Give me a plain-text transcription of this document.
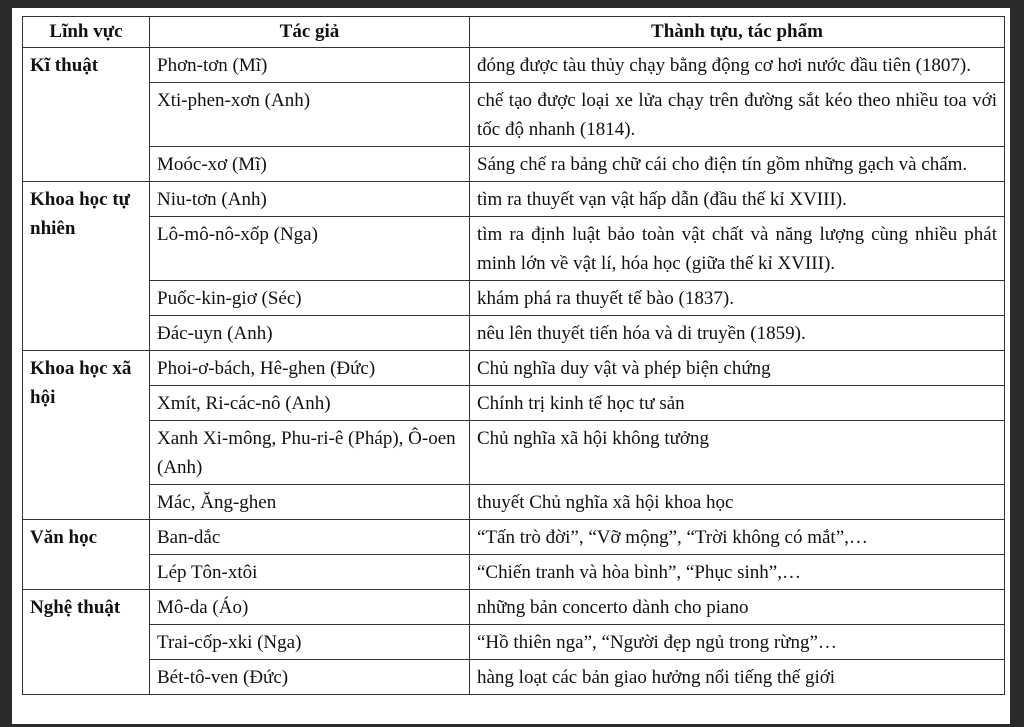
Lĩnh vực	Tác giả	Thành tựu, tác phẩm
Kĩ thuật	Phơn-tơn (Mĩ)	đóng được tàu thủy chạy bằng động cơ hơi nước đầu tiên (1807).
	Xti-phen-xơn (Anh)	chế tạo được loại xe lửa chạy trên đường sắt kéo theo nhiều toa với tốc độ nhanh (1814).
	Moóc-xơ (Mĩ)	Sáng chế ra bảng chữ cái cho điện tín gồm những gạch và chấm.
Khoa học tự nhiên	Niu-tơn (Anh)	tìm ra thuyết vạn vật hấp dẫn (đầu thế kỉ XVIII).
	Lô-mô-nô-xốp (Nga)	tìm ra định luật bảo toàn vật chất và năng lượng cùng nhiều phát minh lớn về vật lí, hóa học (giữa thế kỉ XVIII).
	Puốc-kin-giơ (Séc)	khám phá ra thuyết tế bào (1837).
	Đác-uyn (Anh)	nêu lên thuyết tiến hóa và di truyền (1859).
Khoa học xã hội	Phoi-ơ-bách, Hê-ghen (Đức)	Chủ nghĩa duy vật và phép biện chứng
	Xmít, Ri-các-nô (Anh)	Chính trị kinh tế học tư sản
	Xanh Xi-mông, Phu-ri-ê (Pháp), Ô-oen (Anh)	Chủ nghĩa xã hội không tưởng
	Mác, Ăng-ghen	thuyết Chủ nghĩa xã hội khoa học
Văn học	Ban-dắc	“Tấn trò đời”, “Vỡ mộng”, “Trời không có mắt”,…
	Lép Tôn-xtôi	“Chiến tranh và hòa bình”, “Phục sinh”,…
Nghệ thuật	Mô-da (Áo)	những bản concerto dành cho piano
	Trai-cốp-xki (Nga)	“Hồ thiên nga”, “Người đẹp ngủ trong rừng”…
	Bét-tô-ven (Đức)	hàng loạt các bản giao hưởng nổi tiếng thế giới
